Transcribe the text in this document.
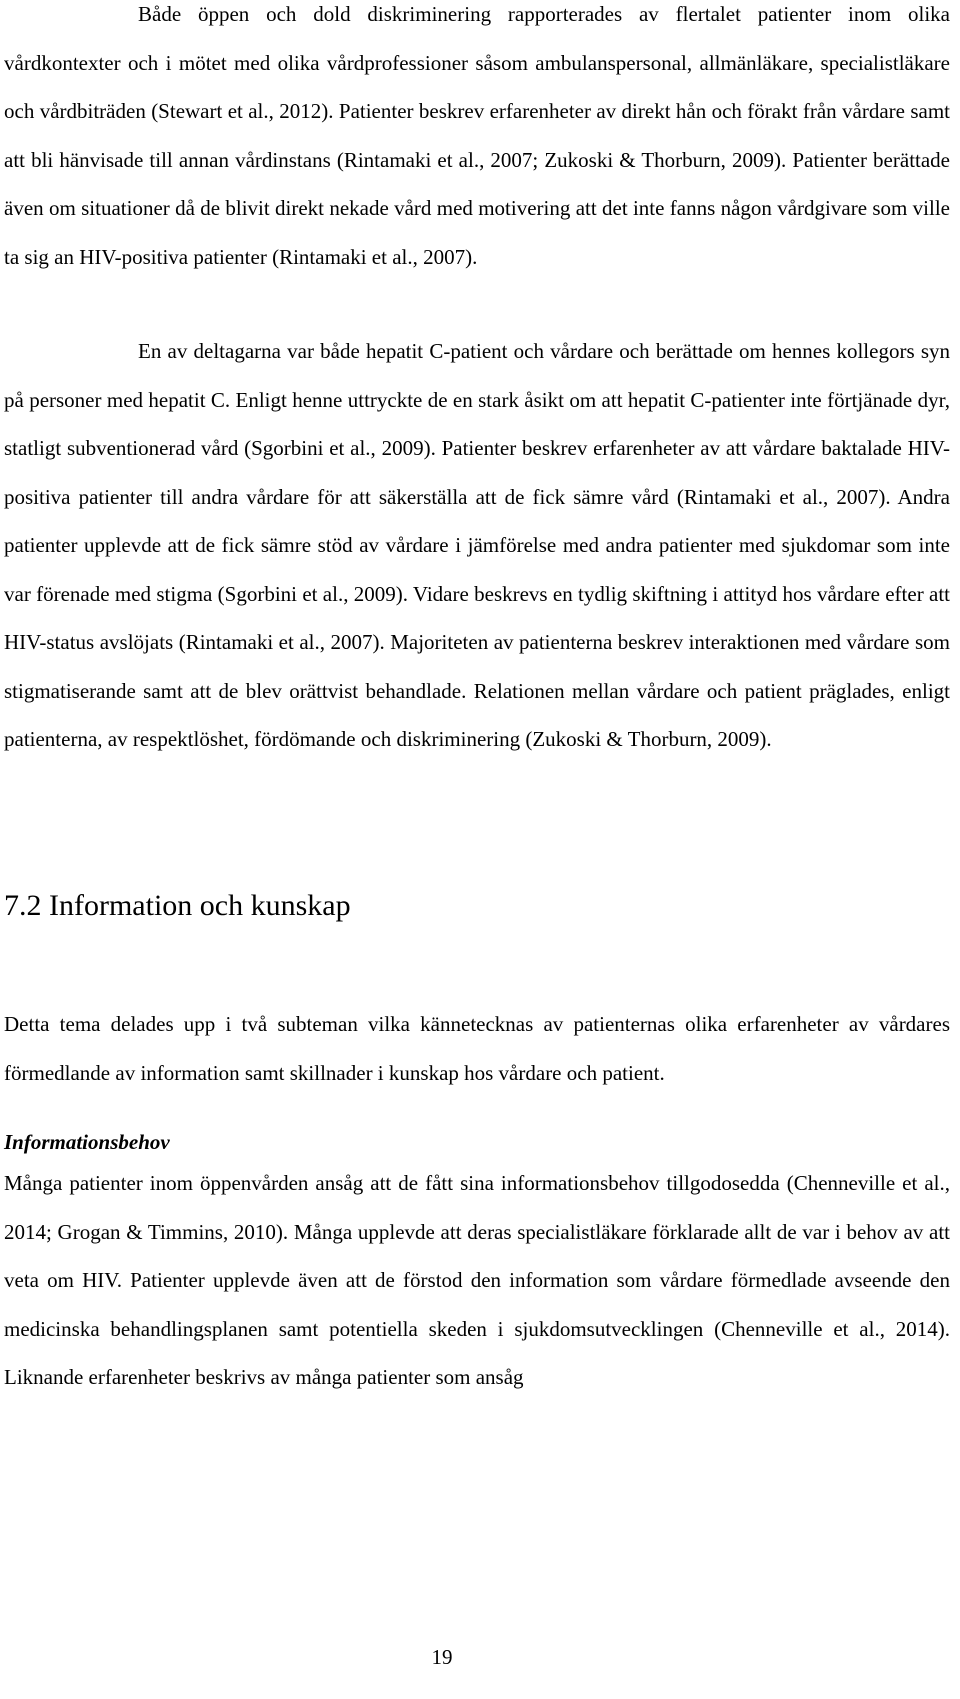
Både öppen och dold diskriminering rapporterades av flertalet patienter inom olika vårdkontexter och i mötet med olika vårdprofessioner såsom ambulanspersonal, allmänläkare, specialistläkare och vårdbiträden (Stewart et al., 2012). Patienter beskrev erfarenheter av direkt hån och förakt från vårdare samt att bli hänvisade till annan vårdinstans (Rintamaki et al., 2007; Zukoski & Thorburn, 2009). Patienter berättade även om situationer då de blivit direkt nekade vård med motivering att det inte fanns någon vårdgivare som ville ta sig an HIV-positiva patienter (Rintamaki et al., 2007).

En av deltagarna var både hepatit C-patient och vårdare och berättade om hennes kollegors syn på personer med hepatit C. Enligt henne uttryckte de en stark åsikt om att hepatit C-patienter inte förtjänade dyr, statligt subventionerad vård (Sgorbini et al., 2009). Patienter beskrev erfarenheter av att vårdare baktalade HIV-positiva patienter till andra vårdare för att säkerställa att de fick sämre vård (Rintamaki et al., 2007). Andra patienter upplevde att de fick sämre stöd av vårdare i jämförelse med andra patienter med sjukdomar som inte var förenade med stigma (Sgorbini et al., 2009). Vidare beskrevs en tydlig skiftning i attityd hos vårdare efter att HIV-status avslöjats (Rintamaki et al., 2007). Majoriteten av patienterna beskrev interaktionen med vårdare som stigmatiserande samt att de blev orättvist behandlade. Relationen mellan vårdare och patient präglades, enligt patienterna, av respektlöshet, fördömande och diskriminering (Zukoski & Thorburn, 2009).

7.2 Information och kunskap

Detta tema delades upp i två subteman vilka kännetecknas av patienternas olika erfarenheter av vårdares förmedlande av information samt skillnader i kunskap hos vårdare och patient.

Informationsbehov

Många patienter inom öppenvården ansåg att de fått sina informationsbehov tillgodosedda (Chenneville et al., 2014; Grogan & Timmins, 2010). Många upplevde att deras specialistläkare förklarade allt de var i behov av att veta om HIV. Patienter upplevde även att de förstod den information som vårdare förmedlade avseende den medicinska behandlingsplanen samt potentiella skeden i sjukdomsutvecklingen (Chenneville et al., 2014). Liknande erfarenheter beskrivs av många patienter som ansåg

19
